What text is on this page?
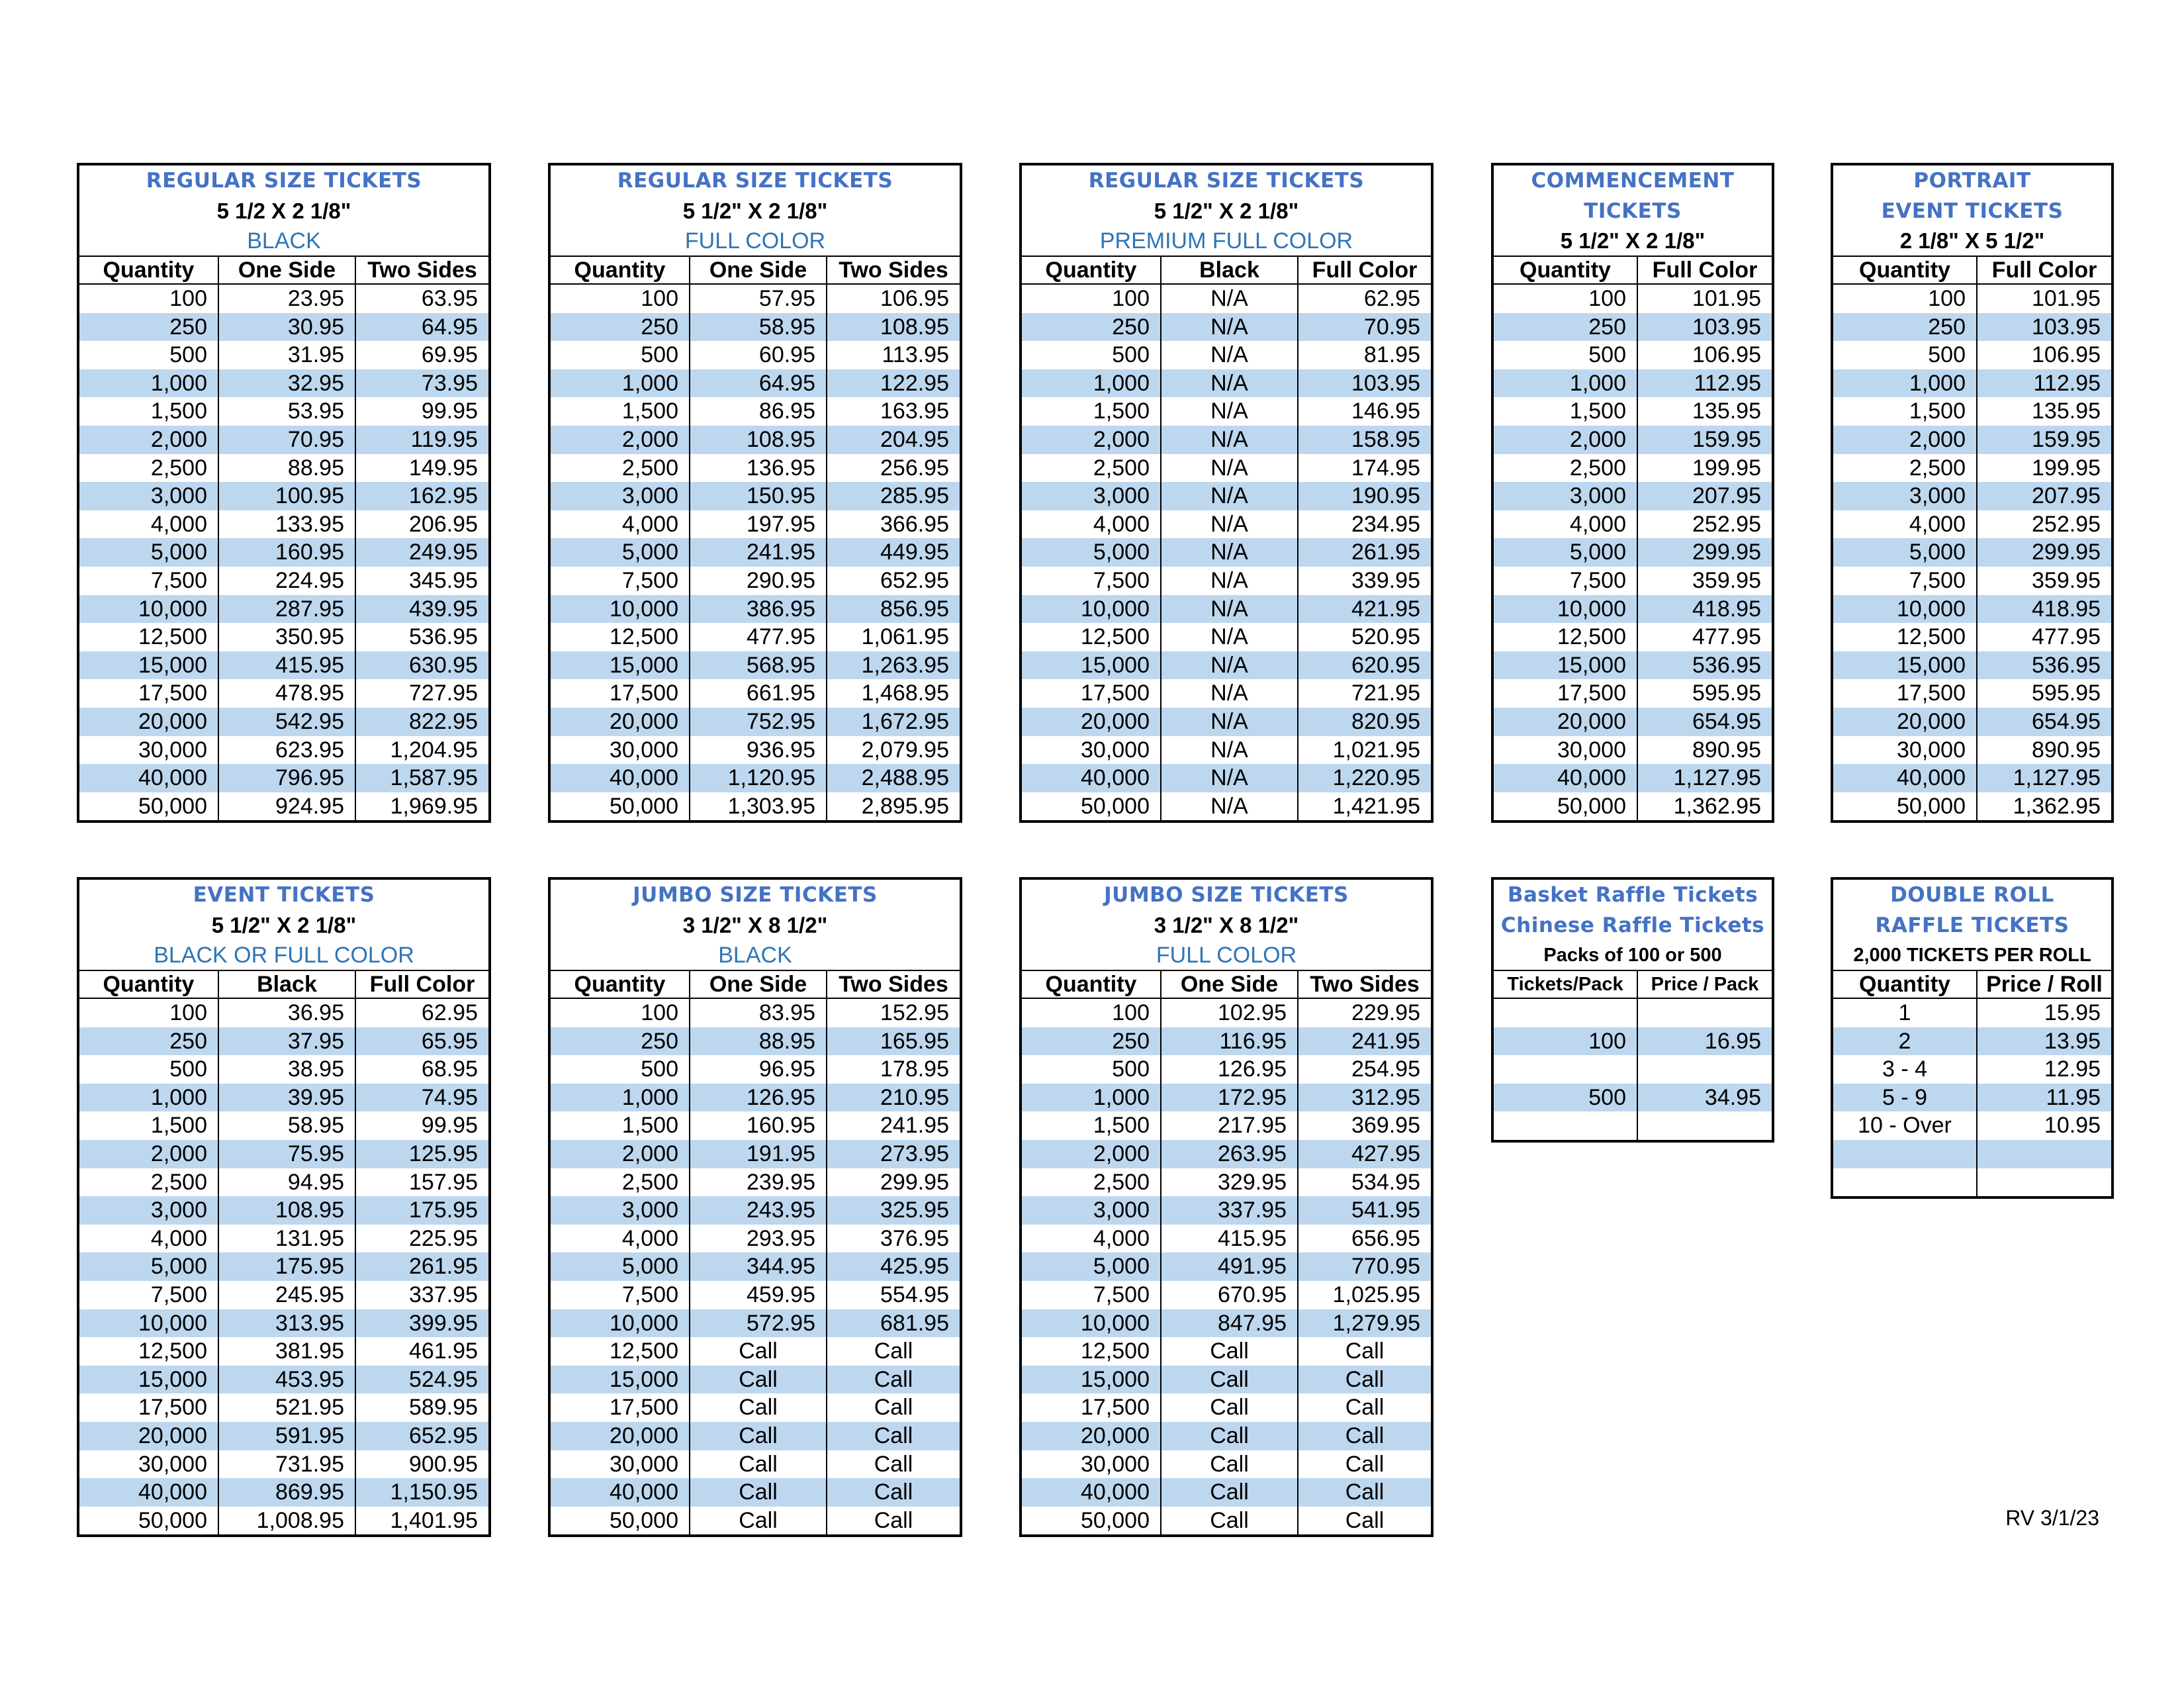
REGULAR SIZE TICKETS
5 1/2 X 2 1/8"
BLACK
Quantity	One Side	Two Sides
100	23.95	63.95
250	30.95	64.95
500	31.95	69.95
1,000	32.95	73.95
1,500	53.95	99.95
2,000	70.95	119.95
2,500	88.95	149.95
3,000	100.95	162.95
4,000	133.95	206.95
5,000	160.95	249.95
7,500	224.95	345.95
10,000	287.95	439.95
12,500	350.95	536.95
15,000	415.95	630.95
17,500	478.95	727.95
20,000	542.95	822.95
30,000	623.95	1,204.95
40,000	796.95	1,587.95
50,000	924.95	1,969.95
REGULAR SIZE TICKETS
5 1/2" X 2 1/8"
FULL COLOR
Quantity	One Side	Two Sides
100	57.95	106.95
250	58.95	108.95
500	60.95	113.95
1,000	64.95	122.95
1,500	86.95	163.95
2,000	108.95	204.95
2,500	136.95	256.95
3,000	150.95	285.95
4,000	197.95	366.95
5,000	241.95	449.95
7,500	290.95	652.95
10,000	386.95	856.95
12,500	477.95	1,061.95
15,000	568.95	1,263.95
17,500	661.95	1,468.95
20,000	752.95	1,672.95
30,000	936.95	2,079.95
40,000	1,120.95	2,488.95
50,000	1,303.95	2,895.95
REGULAR SIZE TICKETS
5 1/2" X 2 1/8"
PREMIUM FULL COLOR
Quantity	Black	Full Color
100	N/A	62.95
250	N/A	70.95
500	N/A	81.95
1,000	N/A	103.95
1,500	N/A	146.95
2,000	N/A	158.95
2,500	N/A	174.95
3,000	N/A	190.95
4,000	N/A	234.95
5,000	N/A	261.95
7,500	N/A	339.95
10,000	N/A	421.95
12,500	N/A	520.95
15,000	N/A	620.95
17,500	N/A	721.95
20,000	N/A	820.95
30,000	N/A	1,021.95
40,000	N/A	1,220.95
50,000	N/A	1,421.95
COMMENCEMENT
TICKETS
5 1/2" X 2 1/8"
Quantity	Full Color
100	101.95
250	103.95
500	106.95
1,000	112.95
1,500	135.95
2,000	159.95
2,500	199.95
3,000	207.95
4,000	252.95
5,000	299.95
7,500	359.95
10,000	418.95
12,500	477.95
15,000	536.95
17,500	595.95
20,000	654.95
30,000	890.95
40,000	1,127.95
50,000	1,362.95
PORTRAIT
EVENT TICKETS
2 1/8" X 5 1/2"
Quantity	Full Color
100	101.95
250	103.95
500	106.95
1,000	112.95
1,500	135.95
2,000	159.95
2,500	199.95
3,000	207.95
4,000	252.95
5,000	299.95
7,500	359.95
10,000	418.95
12,500	477.95
15,000	536.95
17,500	595.95
20,000	654.95
30,000	890.95
40,000	1,127.95
50,000	1,362.95
EVENT TICKETS
5 1/2" X 2 1/8"
BLACK OR FULL COLOR
Quantity	Black	Full Color
100	36.95	62.95
250	37.95	65.95
500	38.95	68.95
1,000	39.95	74.95
1,500	58.95	99.95
2,000	75.95	125.95
2,500	94.95	157.95
3,000	108.95	175.95
4,000	131.95	225.95
5,000	175.95	261.95
7,500	245.95	337.95
10,000	313.95	399.95
12,500	381.95	461.95
15,000	453.95	524.95
17,500	521.95	589.95
20,000	591.95	652.95
30,000	731.95	900.95
40,000	869.95	1,150.95
50,000	1,008.95	1,401.95
JUMBO SIZE TICKETS
3 1/2" X 8 1/2"
BLACK
Quantity	One Side	Two Sides
100	83.95	152.95
250	88.95	165.95
500	96.95	178.95
1,000	126.95	210.95
1,500	160.95	241.95
2,000	191.95	273.95
2,500	239.95	299.95
3,000	243.95	325.95
4,000	293.95	376.95
5,000	344.95	425.95
7,500	459.95	554.95
10,000	572.95	681.95
12,500	Call	Call
15,000	Call	Call
17,500	Call	Call
20,000	Call	Call
30,000	Call	Call
40,000	Call	Call
50,000	Call	Call
JUMBO SIZE TICKETS
3 1/2" X 8 1/2"
FULL COLOR
Quantity	One Side	Two Sides
100	102.95	229.95
250	116.95	241.95
500	126.95	254.95
1,000	172.95	312.95
1,500	217.95	369.95
2,000	263.95	427.95
2,500	329.95	534.95
3,000	337.95	541.95
4,000	415.95	656.95
5,000	491.95	770.95
7,500	670.95	1,025.95
10,000	847.95	1,279.95
12,500	Call	Call
15,000	Call	Call
17,500	Call	Call
20,000	Call	Call
30,000	Call	Call
40,000	Call	Call
50,000	Call	Call
Basket Raffle Tickets
Chinese Raffle Tickets
Packs of 100 or 500
Tickets/Pack	Price / Pack
100	16.95
500	34.95
DOUBLE ROLL
RAFFLE TICKETS
2,000 TICKETS PER ROLL
Quantity	Price / Roll
1	15.95
2	13.95
3 - 4	12.95
5 - 9	11.95
10 - Over	10.95
RV 3/1/23
